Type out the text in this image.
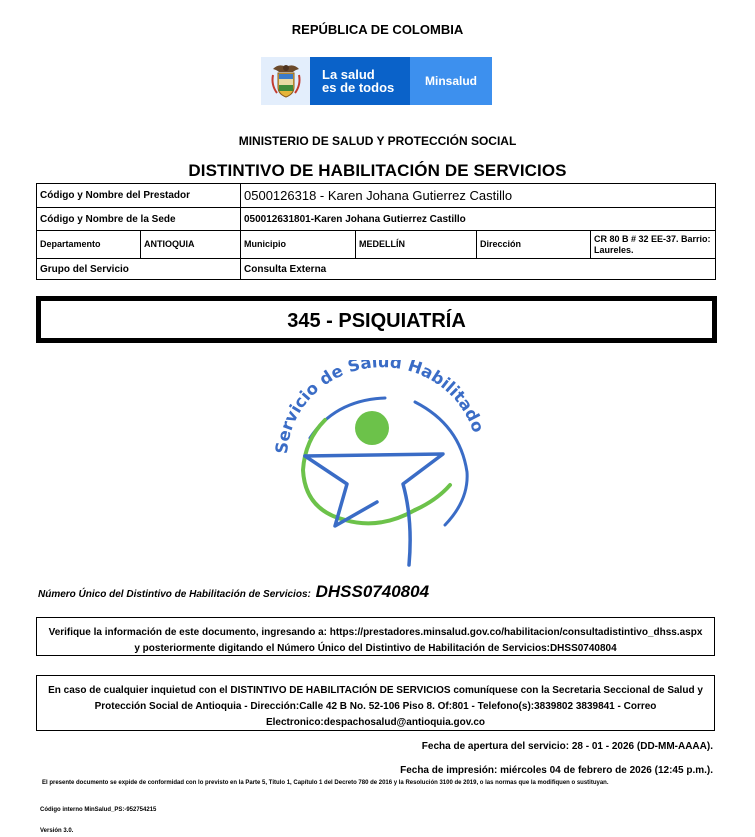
REPÚBLICA DE COLOMBIA
La salud
es de todos	Minsalud
MINISTERIO DE SALUD Y PROTECCIÓN SOCIAL
DISTINTIVO DE HABILITACIÓN DE SERVICIOS
Código y Nombre del Prestador		0500126318 - Karen Johana Gutierrez Castillo			
Código y Nombre de la Sede		050012631801-Karen Johana Gutierrez Castillo			
Departamento	ANTIOQUIA	Municipio	MEDELLÍN	Dirección	CR 80 B # 32 EE-37. Barrio: Laureles.
Grupo del Servicio		Consulta Externa			
345 - PSIQUIATRÍA
Servicio de Salud Habilitado
Número Único del Distintivo de Habilitación de Servicios: DHSS0740804
Verifique la información de este documento, ingresando a: https://prestadores.minsalud.gov.co/habilitacion/consultadistintivo_dhss.aspx
y posteriormente digitando el Número Único del Distintivo de Habilitación de Servicios:DHSS0740804
En caso de cualquier inquietud con el DISTINTIVO DE HABILITACIÓN DE SERVICIOS comuníquese con la Secretaria Seccional de Salud y
Protección Social de Antioquia - Dirección:Calle 42 B No. 52-106 Piso 8. Of:801 - Telefono(s):3839802 3839841 - Correo
Electronico:despachosalud@antioquia.gov.co
Fecha de apertura del servicio: 28 - 01 - 2026 (DD-MM-AAAA).
Fecha de impresión: miércoles 04 de febrero de 2026 (12:45 p.m.).
El presente documento se expide de conformidad con lo previsto en la Parte 5, Título 1, Capítulo 1 del Decreto 780 de 2016 y la Resolución 3100 de 2019, o las normas que la modifiquen o sustituyan.
Código interno MinSalud_PS:-952754215
Versión 3.0.
